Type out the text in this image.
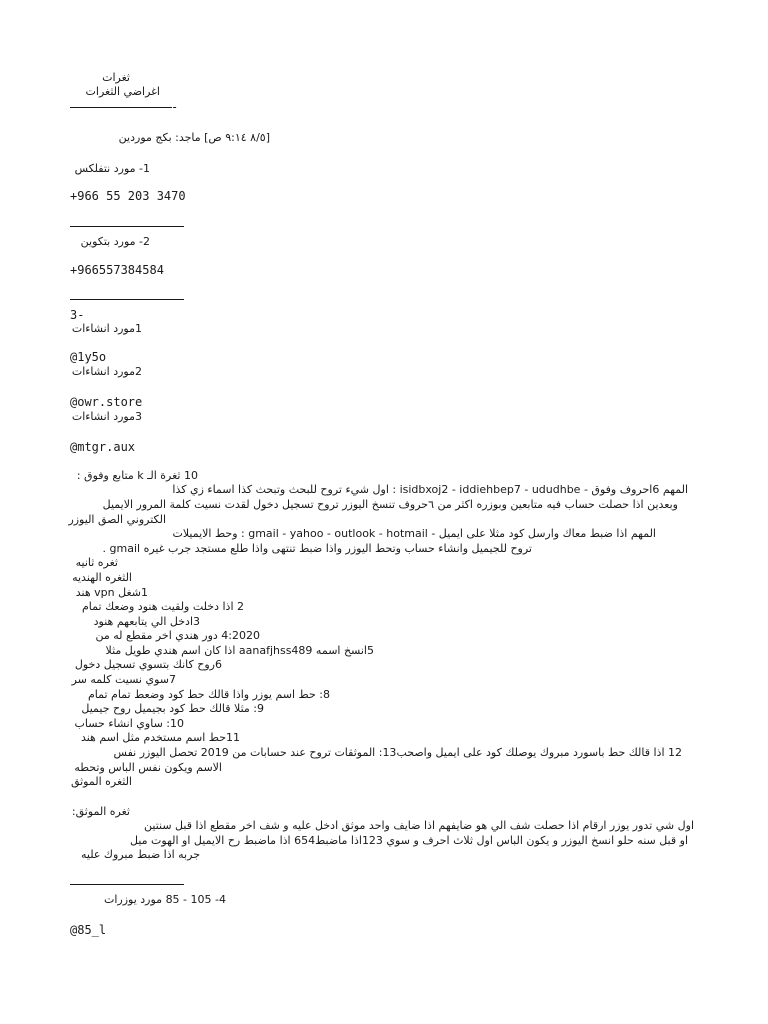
ثغرات
اغراضي الثغرات
-
[٨/٥ ٩:١٤ ص] ماجد: بكج موردين
1- مورد نتفلكس
+966 55 203 3470
2- مورد بتكوين
+966557384584
3-
1مورد انشاءات
@1y5o
2مورد انشاءات
@owr.store
3مورد انشاءات
@mtgr.aux
10 ثغرة الـ k متابع وفوق :
المهم 6احروف وفوق - isidbxoj2 - iddiehbep7 - ududhbe : اول شيء تروح للبحث وتبحث كذا اسماء زي كذا
وبعدين اذا حصلت حساب فيه متابعين وبوزره اكثر من ٦حروف تنسخ اليوزر تروح تسجيل دخول لقدت نسيت كلمة المرور الايميل
الكتروني الصق اليوزر
المهم اذا ضبط معاك وارسل كود مثلا على ايميل - gmail - yahoo - outlook - hotmail : وحط الايميلات
تروح للجيميل وانشاء حساب وتحط اليوزر واذا ضبط تنتهى واذا طلع مستجد جرب غيره gmail .
ثغره ثانيه
الثغره الهنديه
1شغل vpn هند
2 اذا دخلت ولقيت هنود وضعك تمام
3ادخل الي يتابعهم هنود
4:2020 دور هندي اخر مقطع له من
5انسخ اسمه aanafjhss489 اذا كان اسم هندي طويل مثلا
6روح كانك بتسوي تسجيل دخول
7سوي نسيت كلمه سر
8: حط اسم يوزر واذا قالك حط كود وضعط تمام تمام
9: مثلا قالك حط كود بجيميل روح جيميل
10: ساوي انشاء حساب
11حط اسم مستخدم مثل اسم هند
12 اذا قالك حط باسورد مبروك يوصلك كود على ايميل واصحب13: الموثقات تروح عند حسابات من 2019 تحصل اليوزر نفس
الاسم ويكون نفس الباس وتحطه
الثغره الموثق
ثغره الموثق:
اول شي تدور يوزر ارقام اذا حصلت شف الي هو ضايفهم اذا ضايف واحد موثق ادخل عليه و شف اخر مقطع اذا قبل سنتين
او قبل سنه حلو انسخ اليوزر و يكون الباس اول ثلاث احرف و سوي 123اذا ماضبط654 اذا ماضبط رح الايميل او الهوت ميل
جربه اذا ضبط مبروك عليه
4- 105 - 85 مورد يوزرات
@85_l
